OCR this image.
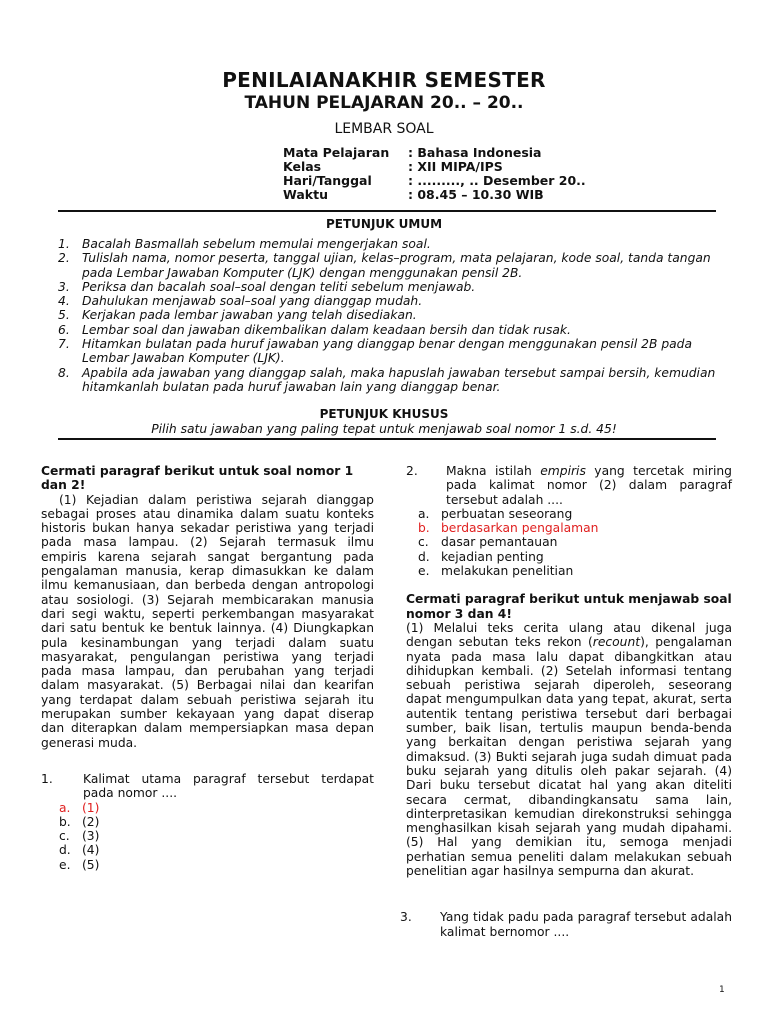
PENILAIANAKHIR SEMESTER
TAHUN PELAJARAN 20.. – 20..
LEMBAR SOAL
Mata Pelajaran	: Bahasa Indonesia
Kelas	: XII MIPA/IPS
Hari/Tanggal	: ........., .. Desember 20..
Waktu	: 08.45 – 10.30 WIB
PETUNJUK UMUM
1. Bacalah Basmallah sebelum memulai mengerjakan soal.
2. Tulislah nama, nomor peserta, tanggal ujian, kelas–program, mata pelajaran, kode soal, tanda tangan pada Lembar Jawaban Komputer (LJK) dengan menggunakan pensil 2B.
3. Periksa dan bacalah soal–soal dengan teliti sebelum menjawab.
4. Dahulukan menjawab soal–soal yang dianggap mudah.
5. Kerjakan pada lembar jawaban yang telah disediakan.
6. Lembar soal dan jawaban dikembalikan dalam keadaan bersih dan tidak rusak.
7. Hitamkan bulatan pada huruf jawaban yang dianggap benar dengan menggunakan pensil 2B pada Lembar Jawaban Komputer (LJK).
8. Apabila ada jawaban yang dianggap salah, maka hapuslah jawaban tersebut sampai bersih, kemudian hitamkanlah bulatan pada huruf jawaban lain yang dianggap benar.
PETUNJUK KHUSUS
Pilih satu jawaban yang paling tepat untuk menjawab soal nomor 1 s.d. 45!
Cermati paragraf berikut untuk soal nomor 1 dan 2!
(1) Kejadian dalam peristiwa sejarah dianggap sebagai proses atau dinamika dalam suatu konteks historis bukan hanya sekadar peristiwa yang terjadi pada masa lampau. (2) Sejarah termasuk ilmu empiris karena sejarah sangat bergantung pada pengalaman manusia, kerap dimasukkan ke dalam ilmu kemanusiaan, dan berbeda dengan antropologi atau sosiologi. (3) Sejarah membicarakan manusia dari segi waktu, seperti perkembangan masyarakat dari satu bentuk ke bentuk lainnya. (4) Diungkapkan pula kesinambungan yang terjadi dalam suatu masyarakat, pengulangan peristiwa yang terjadi pada masa lampau, dan perubahan yang terjadi dalam masyarakat. (5) Berbagai nilai dan kearifan yang terdapat dalam sebuah peristiwa sejarah itu merupakan sumber kekayaan yang dapat diserap dan diterapkan dalam mempersiapkan masa depan generasi muda.
1.	Kalimat utama paragraf tersebut terdapat pada nomor ....
a. (1)
b. (2)
c.	(3)
d. (4)
e. (5)
2.	Makna istilah empiris yang tercetak miring pada kalimat nomor (2) dalam paragraf tersebut adalah ....
a. perbuatan seseorang
b. berdasarkan pengalaman
c.	dasar pemantauan
d. kejadian penting
e. melakukan penelitian
Cermati paragraf berikut untuk menjawab soal nomor 3 dan 4!
(1) Melalui teks cerita ulang atau dikenal juga dengan sebutan teks rekon (recount), pengalaman nyata pada masa lalu dapat dibangkitkan atau dihidupkan kembali. (2) Setelah informasi tentang sebuah peristiwa sejarah diperoleh, seseorang dapat mengumpulkan data yang tepat, akurat, serta autentik tentang peristiwa tersebut dari berbagai sumber, baik lisan, tertulis maupun benda-benda yang berkaitan dengan peristiwa sejarah yang dimaksud. (3) Bukti sejarah juga sudah dimuat pada buku sejarah yang ditulis oleh pakar sejarah. (4) Dari buku tersebut dicatat hal yang akan diteliti secara cermat, dibandingkansatu sama lain, dinterpretasikan kemudian direkonstruksi sehingga menghasilkan kisah sejarah yang mudah dipahami. (5) Hal yang demikian itu, semoga menjadi perhatian semua peneliti dalam melakukan sebuah penelitian agar hasilnya sempurna dan akurat.
3.	Yang tidak padu pada paragraf tersebut adalah kalimat bernomor ....
1
